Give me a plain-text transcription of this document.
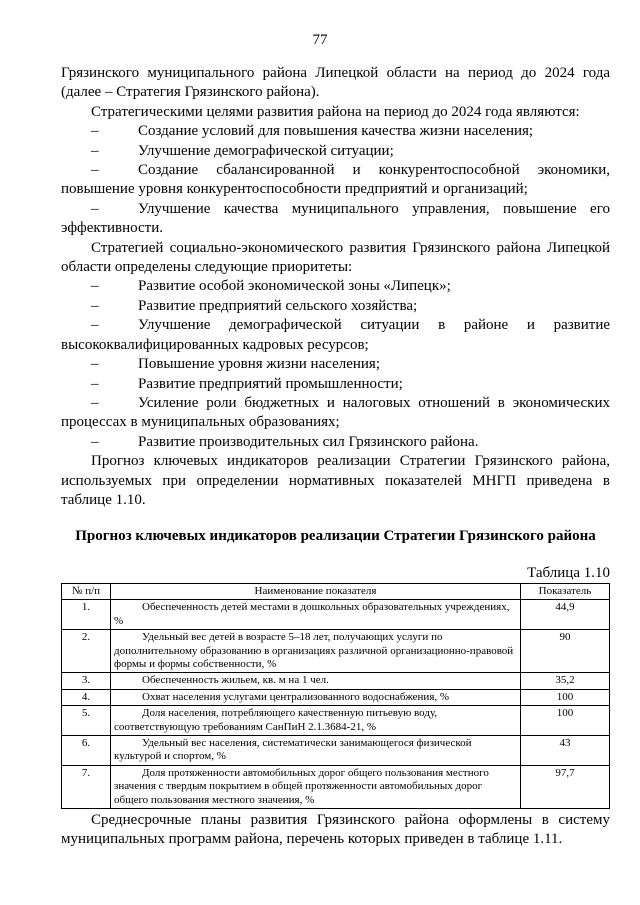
77

Грязинского муниципального района Липецкой области на период до 2024 года (далее – Стратегия Грязинского района).

Стратегическими целями развития района на период до 2024 года являются:

–	Создание условий для повышения качества жизни населения;

–	Улучшение демографической ситуации;

–	Создание сбалансированной и конкурентоспособной экономики, повышение уровня конкурентоспособности предприятий и организаций;

–	Улучшение качества муниципального управления, повышение его эффективности.

Стратегией социально-экономического развития Грязинского района Липецкой области определены следующие приоритеты:

–	Развитие особой экономической зоны «Липецк»;

–	Развитие предприятий сельского хозяйства;

–	Улучшение демографической ситуации в районе и развитие высококвалифицированных кадровых ресурсов;

–	Повышение уровня жизни населения;

–	Развитие предприятий промышленности;

–	Усиление роли бюджетных и налоговых отношений в экономических процессах в муниципальных образованиях;

–	Развитие производительных сил Грязинского района.

Прогноз ключевых индикаторов реализации Стратегии Грязинского района, используемых при определении нормативных показателей МНГП приведена в таблице 1.10.

Прогноз ключевых индикаторов реализации Стратегии Грязинского района
Таблица 1.10
№ п/п	Наименование показателя	Показатель
1.	Обеспеченность детей местами в дошкольных образовательных учреждениях, %	44,9
2.	Удельный вес детей в возрасте 5–18 лет, получающих услуги по дополнительному образованию в организациях различной организационно-правовой формы и формы собственности, %	90
3.	Обеспеченность жильем, кв. м на 1 чел.	35,2
4.	Охват населения услугами централизованного водоснабжения, %	100
5.	Доля населения, потребляющего качественную питьевую воду, соответствующую требованиям СанПиН 2.1.3684-21, %	100
6.	Удельный вес населения, систематически занимающегося физической культурой и спортом, %	43
7.	Доля протяженности автомобильных дорог общего пользования местного значения с твердым покрытием в общей протяженности автомобильных дорог общего пользования местного значения, %	97,7

Среднесрочные планы развития Грязинского района оформлены в систему муниципальных программ района, перечень которых приведен в таблице 1.11.
